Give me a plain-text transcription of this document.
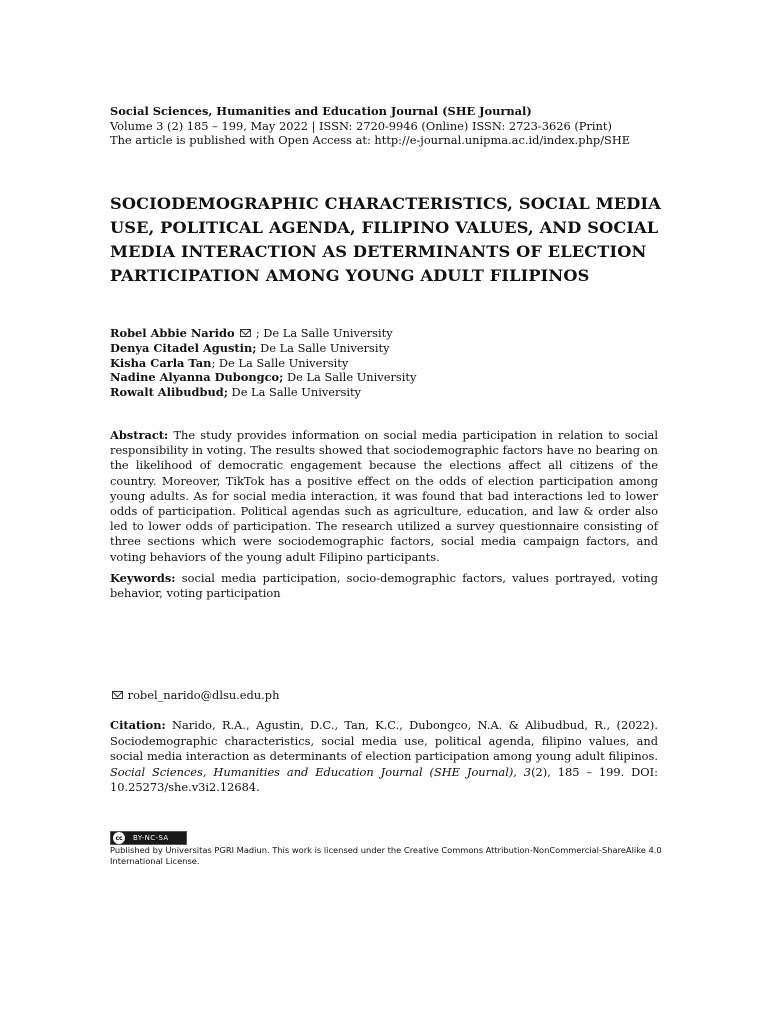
Social Sciences, Humanities and Education Journal (SHE Journal)
Volume 3 (2) 185 – 199, May 2022 | ISSN: 2720-9946 (Online) ISSN: 2723-3626 (Print)
The article is published with Open Access at: http://e-journal.unipma.ac.id/index.php/SHE
SOCIODEMOGRAPHIC CHARACTERISTICS, SOCIAL MEDIA USE, POLITICAL AGENDA, FILIPINO VALUES, AND SOCIAL MEDIA INTERACTION AS DETERMINANTS OF ELECTION PARTICIPATION AMONG YOUNG ADULT FILIPINOS
Robel Abbie Narido ; De La Salle University
Denya Citadel Agustin; De La Salle University
Kisha Carla Tan; De La Salle University
Nadine Alyanna Dubongco; De La Salle University
Rowalt Alibudbud; De La Salle University
Abstract: The study provides information on social media participation in relation to social responsibility in voting. The results showed that sociodemographic factors have no bearing on the likelihood of democratic engagement because the elections affect all citizens of the country. Moreover, TikTok has a positive effect on the odds of election participation among young adults. As for social media interaction, it was found that bad interactions led to lower odds of participation. Political agendas such as agriculture, education, and law & order also led to lower odds of participation. The research utilized a survey questionnaire consisting of three sections which were sociodemographic factors, social media campaign factors, and voting behaviors of the young adult Filipino participants.
Keywords: social media participation, socio-demographic factors, values portrayed, voting behavior, voting participation
robel_narido@dlsu.edu.ph
Citation: Narido, R.A., Agustin, D.C., Tan, K.C., Dubongco, N.A. & Alibudbud, R., (2022). Sociodemographic characteristics, social media use, political agenda, filipino values, and social media interaction as determinants of election participation among young adult filipinos. Social Sciences, Humanities and Education Journal (SHE Journal), 3(2), 185 – 199. DOI: 10.25273/she.v3i2.12684.
cc	BY-NC-SA
Published by Universitas PGRI Madiun. This work is licensed under the Creative Commons Attribution-NonCommercial-ShareAlike 4.0 International License.
